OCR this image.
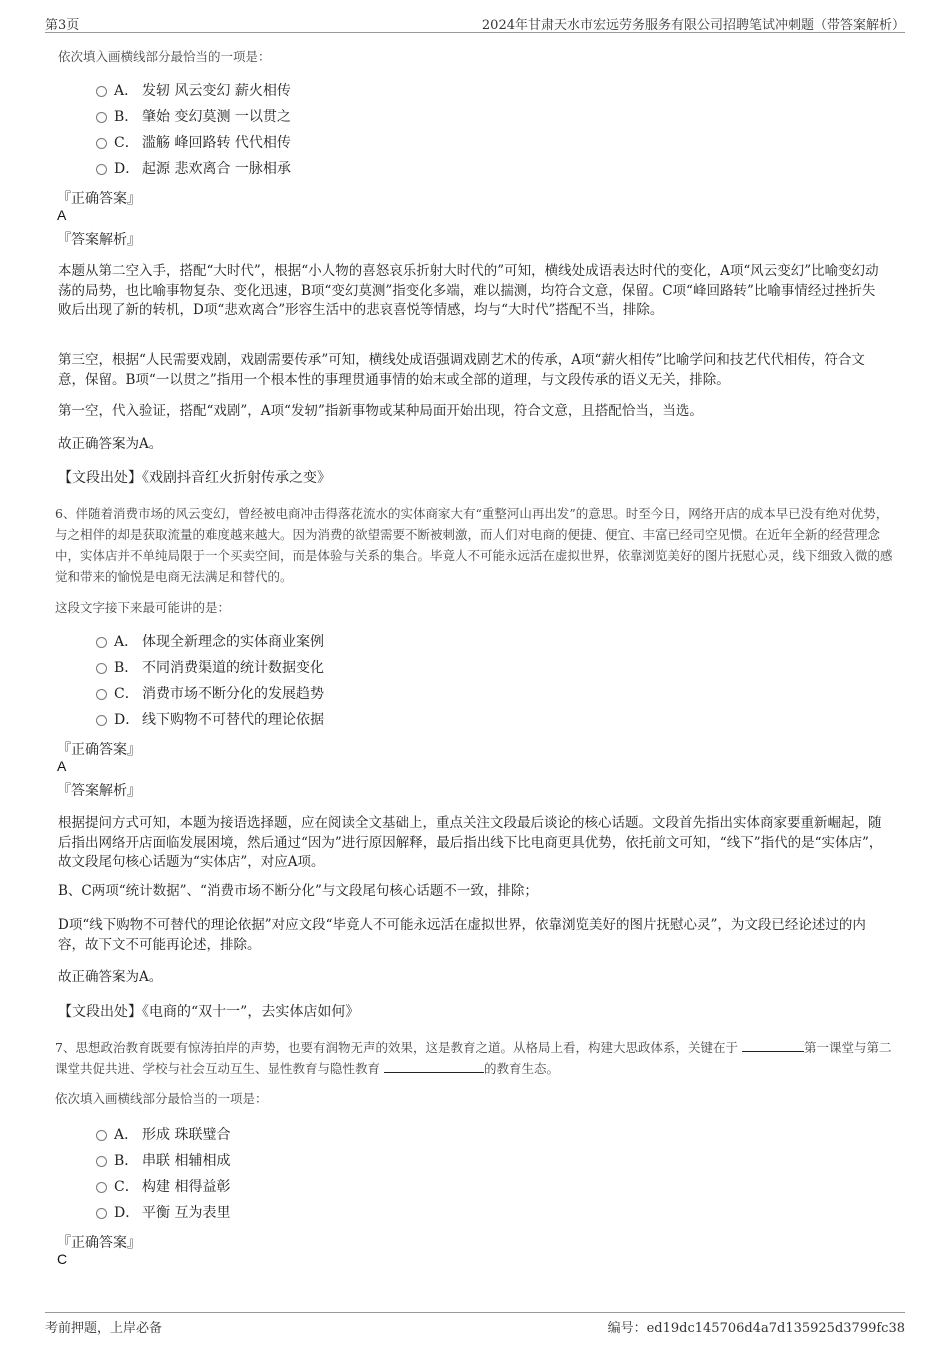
第3页	2024年甘肃天水市宏远劳务服务有限公司招聘笔试冲刺题（带答案解析）
依次填入画横线部分最恰当的一项是：
A． 发轫 风云变幻 薪火相传
B． 肇始 变幻莫测 一以贯之
C． 滥觞 峰回路转 代代相传
D． 起源 悲欢离合 一脉相承
『正确答案』
A
『答案解析』
本题从第二空入手，搭配“大时代”，根据“小人物的喜怒哀乐折射大时代的”可知，横线处成语表达时代的变化，A项“风云变幻”比喻变幻动荡的局势，也比喻事物复杂、变化迅速，B项“变幻莫测”指变化多端，难以揣测，均符合文意，保留。C项“峰回路转”比喻事情经过挫折失败后出现了新的转机，D项“悲欢离合”形容生活中的悲哀喜悦等情感，均与“大时代”搭配不当，排除。
第三空，根据“人民需要戏剧，戏剧需要传承”可知，横线处成语强调戏剧艺术的传承，A项“薪火相传”比喻学问和技艺代代相传，符合文意，保留。B项“一以贯之”指用一个根本性的事理贯通事情的始末或全部的道理，与文段传承的语义无关，排除。
第一空，代入验证，搭配“戏剧”，A项“发轫”指新事物或某种局面开始出现，符合文意，且搭配恰当，当选。
故正确答案为A。
【文段出处】《戏剧抖音红火折射传承之变》
6、伴随着消费市场的风云变幻，曾经被电商冲击得落花流水的实体商家大有“重整河山再出发”的意思。时至今日，网络开店的成本早已没有绝对优势，与之相伴的却是获取流量的难度越来越大。因为消费的欲望需要不断被刺激，而人们对电商的便捷、便宜、丰富已经司空见惯。在近年全新的经营理念中，实体店并不单纯局限于一个买卖空间，而是体验与关系的集合。毕竟人不可能永远活在虚拟世界，依靠浏览美好的图片抚慰心灵，线下细致入微的感觉和带来的愉悦是电商无法满足和替代的。
这段文字接下来最可能讲的是：
A． 体现全新理念的实体商业案例
B． 不同消费渠道的统计数据变化
C． 消费市场不断分化的发展趋势
D． 线下购物不可替代的理论依据
『正确答案』
A
『答案解析』
根据提问方式可知，本题为接语选择题，应在阅读全文基础上，重点关注文段最后谈论的核心话题。文段首先指出实体商家要重新崛起，随后指出网络开店面临发展困境，然后通过“因为”进行原因解释，最后指出线下比电商更具优势，依托前文可知，“线下”指代的是“实体店”，故文段尾句核心话题为“实体店”，对应A项。
B、C两项“统计数据”、“消费市场不断分化”与文段尾句核心话题不一致，排除；
D项“线下购物不可替代的理论依据”对应文段“毕竟人不可能永远活在虚拟世界，依靠浏览美好的图片抚慰心灵”，为文段已经论述过的内容，故下文不可能再论述，排除。
故正确答案为A。
【文段出处】《电商的“双十一”，去实体店如何》
7、思想政治教育既要有惊涛拍岸的声势，也要有润物无声的效果，这是教育之道。从格局上看，构建大思政体系，关键在于	第一课堂与第二课堂共促共进、学校与社会互动互生、显性教育与隐性教育	的教育生态。
依次填入画横线部分最恰当的一项是：
A． 形成 珠联璧合
B． 串联 相辅相成
C． 构建 相得益彰
D． 平衡 互为表里
『正确答案』
C
考前押题，上岸必备	编号：ed19dc145706d4a7d135925d3799fc38
